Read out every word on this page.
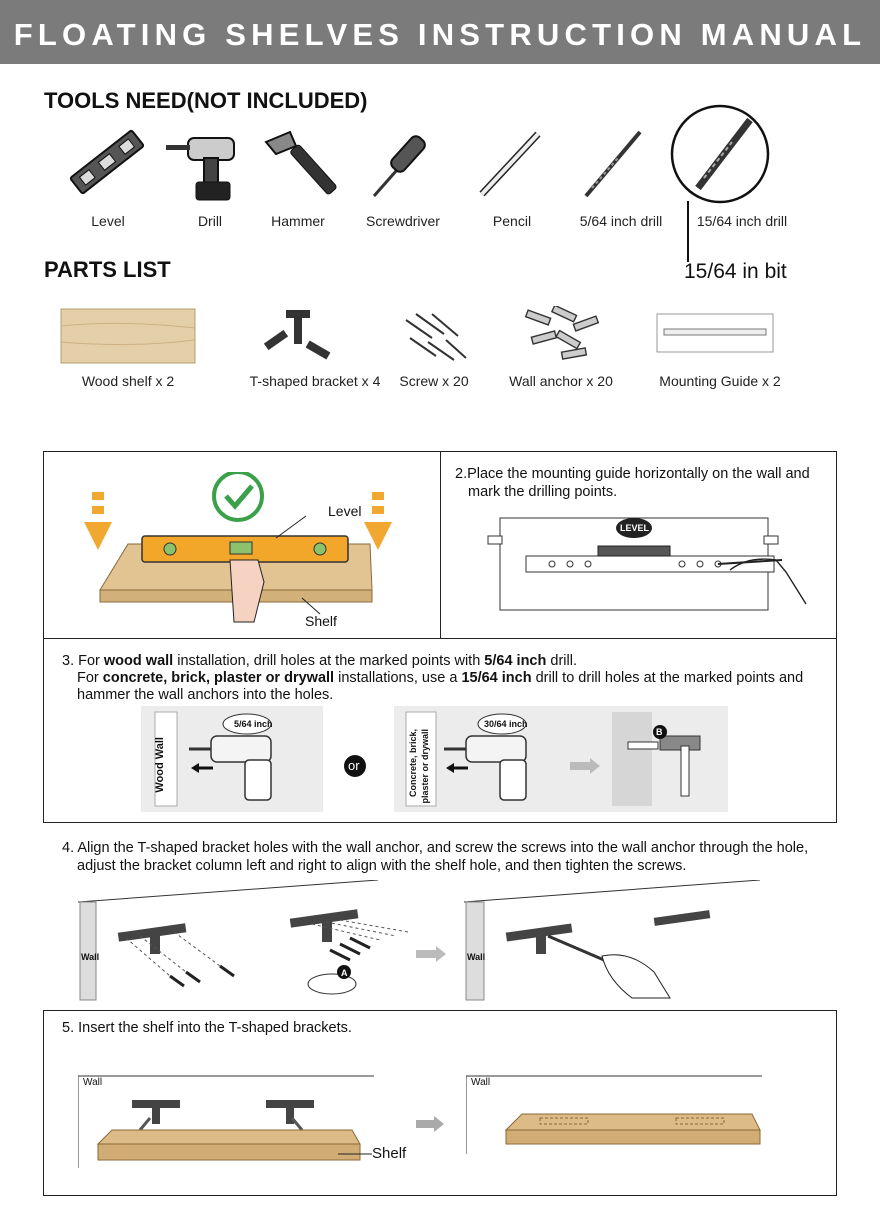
FLOATING SHELVES INSTRUCTION MANUAL
TOOLS NEED(NOT INCLUDED)
Level	Drill	Hammer	Screwdriver	Pencil	5/64 inch drill	15/64 inch drill
15/64 in bit
PARTS LIST
Wood shelf x 2	T-shaped bracket x 4	Screw x 20	Wall anchor x 20	Mounting Guide x 2
Level
Shelf
2.Place the mounting guide horizontally on the wall and
mark the drilling points.
LEVEL
3. For wood wall installation, drill holes at the marked points with 5/64 inch drill.
For concrete, brick, plaster or drywall installations, use a 15/64 inch drill to drill holes at the marked points and
hammer the wall anchors into the holes.
Wood Wall
5/64 inch
or	Concrete, brick, plaster or drywall
30/64 inch
B
4. Align the T-shaped bracket holes with the wall anchor, and screw the screws into the wall anchor through the hole,
adjust the bracket column left and right to align with the shelf hole, and then tighten the screws.
Wall
A
Wall
5. Insert the shelf into the T-shaped brackets.
Wall
Shelf
Wall
